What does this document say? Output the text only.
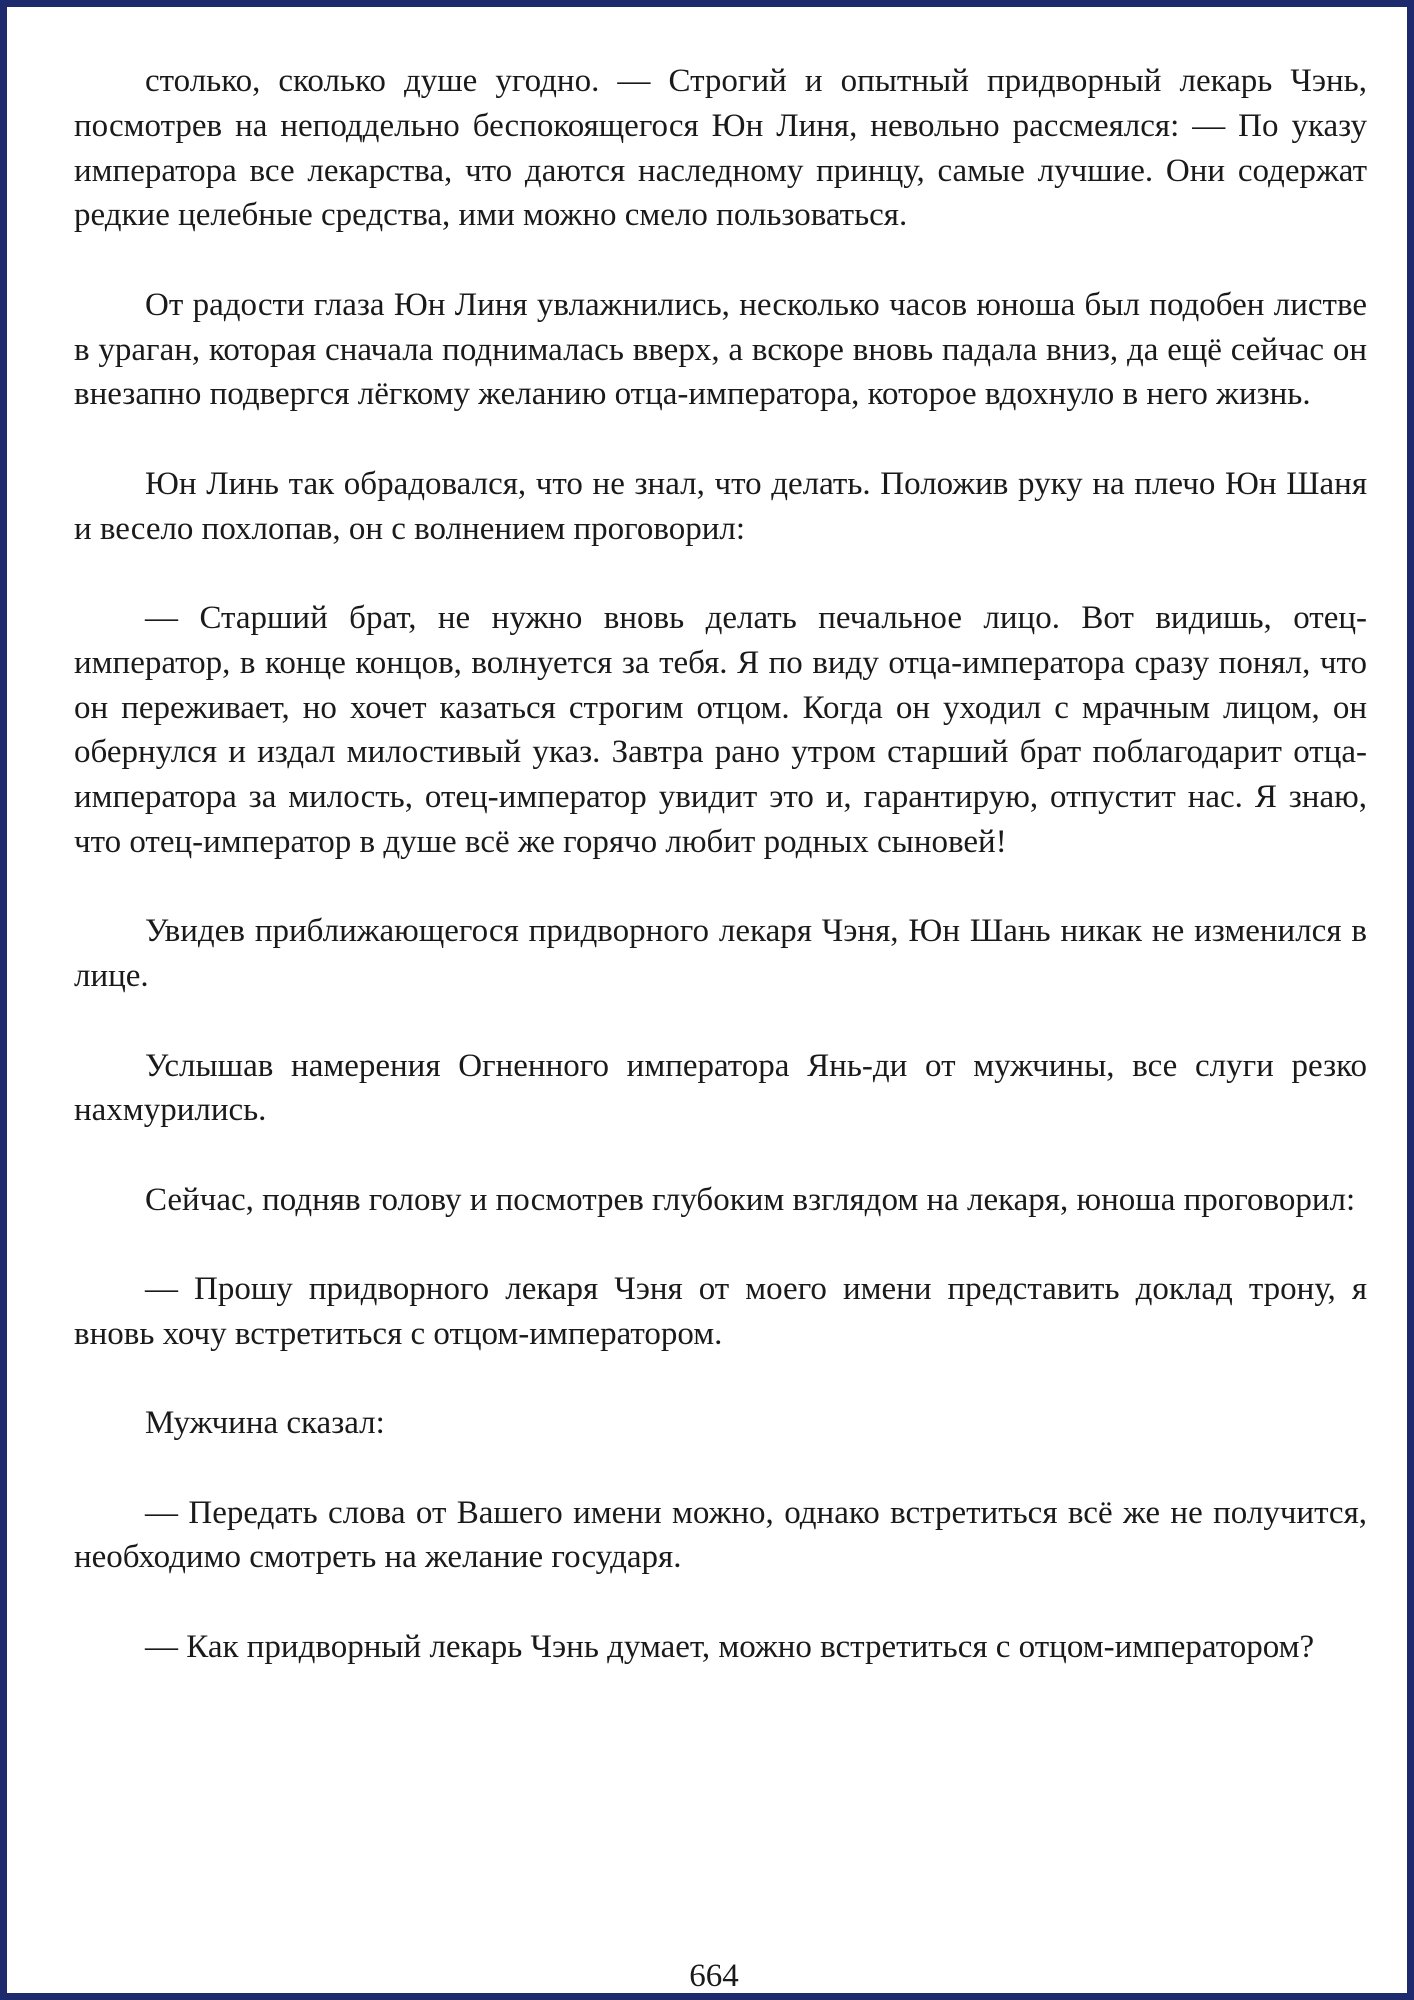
столько, сколько душе угодно. — Строгий и опытный придворный лекарь Чэнь, посмотрев на неподдельно беспокоящегося Юн Линя, невольно рассмеялся: — По указу императора все лекарства, что даются наследному принцу, самые лучшие. Они содержат редкие целебные средства, ими можно смело пользоваться.

От радости глаза Юн Линя увлажнились, несколько часов юноша был подобен листве в ураган, которая сначала поднималась вверх, а вскоре вновь падала вниз, да ещё сейчас он внезапно подвергся лёгкому желанию отца-императора, которое вдохнуло в него жизнь.

Юн Линь так обрадовался, что не знал, что делать. Положив руку на плечо Юн Шаня и весело похлопав, он с волнением проговорил:

— Старший брат, не нужно вновь делать печальное лицо. Вот видишь, отец-император, в конце концов, волнуется за тебя. Я по виду отца-императора сразу понял, что он переживает, но хочет казаться строгим отцом. Когда он уходил с мрачным лицом, он обернулся и издал милостивый указ. Завтра рано утром старший брат поблагодарит отца-императора за милость, отец-император увидит это и, гарантирую, отпустит нас. Я знаю, что отец-император в душе всё же горячо любит родных сыновей!

Увидев приближающегося придворного лекаря Чэня, Юн Шань никак не изменился в лице.

Услышав намерения Огненного императора Янь-ди от мужчины, все слуги резко нахмурились.

Сейчас, подняв голову и посмотрев глубоким взглядом на лекаря, юноша проговорил:

— Прошу придворного лекаря Чэня от моего имени представить доклад трону, я вновь хочу встретиться с отцом-императором.

Мужчина сказал:

— Передать слова от Вашего имени можно, однако встретиться всё же не получится, необходимо смотреть на желание государя.

— Как придворный лекарь Чэнь думает, можно встретиться с отцом-императором?

664
